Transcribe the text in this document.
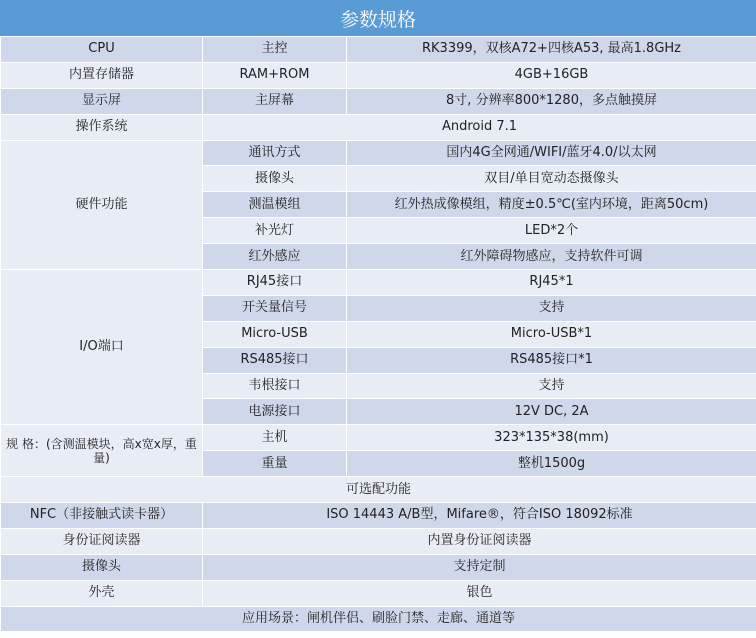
参数规格
CPU	主控	RK3399，双核A72+四核A53, 最高1.8GHz
内置存储器	RAM+ROM	4GB+16GB
显示屏	主屏幕	8寸, 分辨率800*1280，多点触摸屏
操作系统	Android 7.1	
硬件功能	通讯方式	国内4G全网通/WIFI/蓝牙4.0/以太网
	摄像头	双目/单目宽动态摄像头
	测温模组	红外热成像模组，精度±0.5℃(室内环境，距离50cm)
	补光灯	LED*2个
	红外感应	红外障碍物感应，支持软件可调
I/O端口	RJ45接口	RJ45*1
	开关量信号	支持
	Micro-USB	Micro-USB*1
	RS485接口	RS485接口*1
	韦根接口	支持
	电源接口	12V DC, 2A
规 格：(含测温模块，高x宽x厚，重量)	主机	323*135*38(mm)
	重量	整机1500g
可选配功能		
NFC（非接触式读卡器）	ISO 14443 A/B型，Mifare®，符合ISO 18092标准	
身份证阅读器	内置身份证阅读器	
摄像头	支持定制	
外壳	银色	
应用场景：闸机伴侣、刷脸门禁、走廊、通道等		
